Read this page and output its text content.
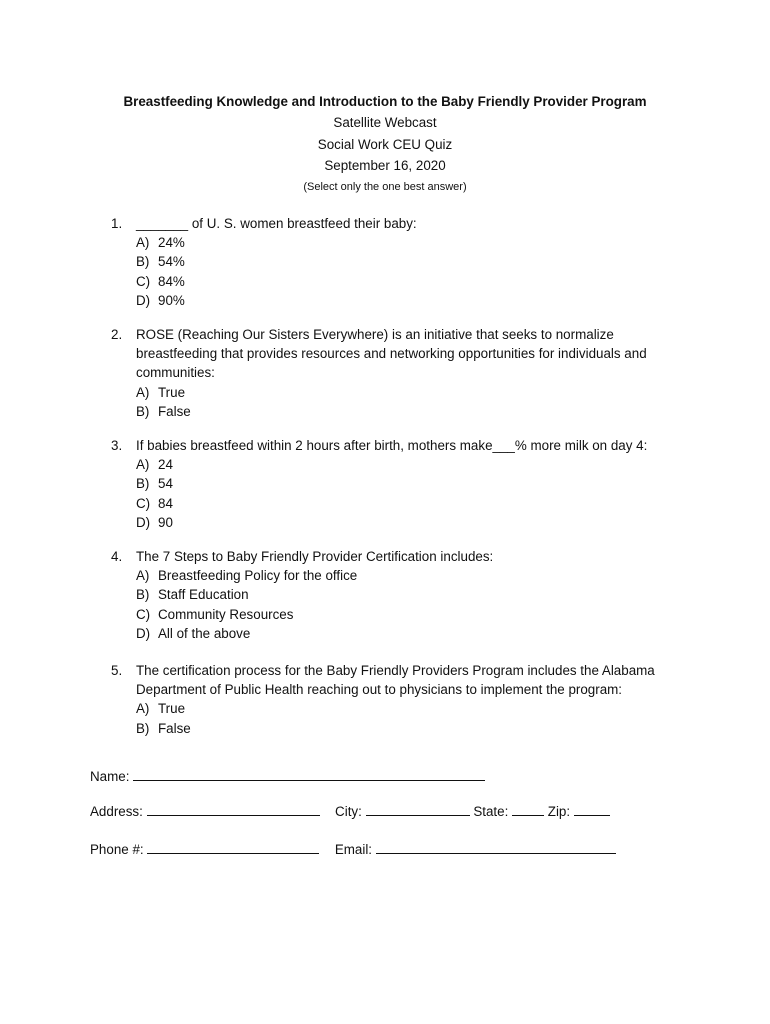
Breastfeeding Knowledge and Introduction to the Baby Friendly Provider Program

Satellite Webcast

Social Work CEU Quiz

September 16, 2020

(Select only the one best answer)

1. _______ of U. S. women breastfeed their baby:
A) 24%
B) 54%
C) 84%
D) 90%
2. ROSE (Reaching Our Sisters Everywhere) is an initiative that seeks to normalize breastfeeding that provides resources and networking opportunities for individuals and communities:
A) True
B) False
3. If babies breastfeed within 2 hours after birth, mothers make___% more milk on day 4:
A) 24
B) 54
C) 84
D) 90
4. The 7 Steps to Baby Friendly Provider Certification includes:
A) Breastfeeding Policy for the office
B) Staff Education
C) Community Resources
D) All of the above
5. The certification process for the Baby Friendly Providers Program includes the Alabama Department of Public Health reaching out to physicians to implement the program:
A) True
B) False
Name:
Address:	City:	State:	Zip:
Phone #:	Email:
